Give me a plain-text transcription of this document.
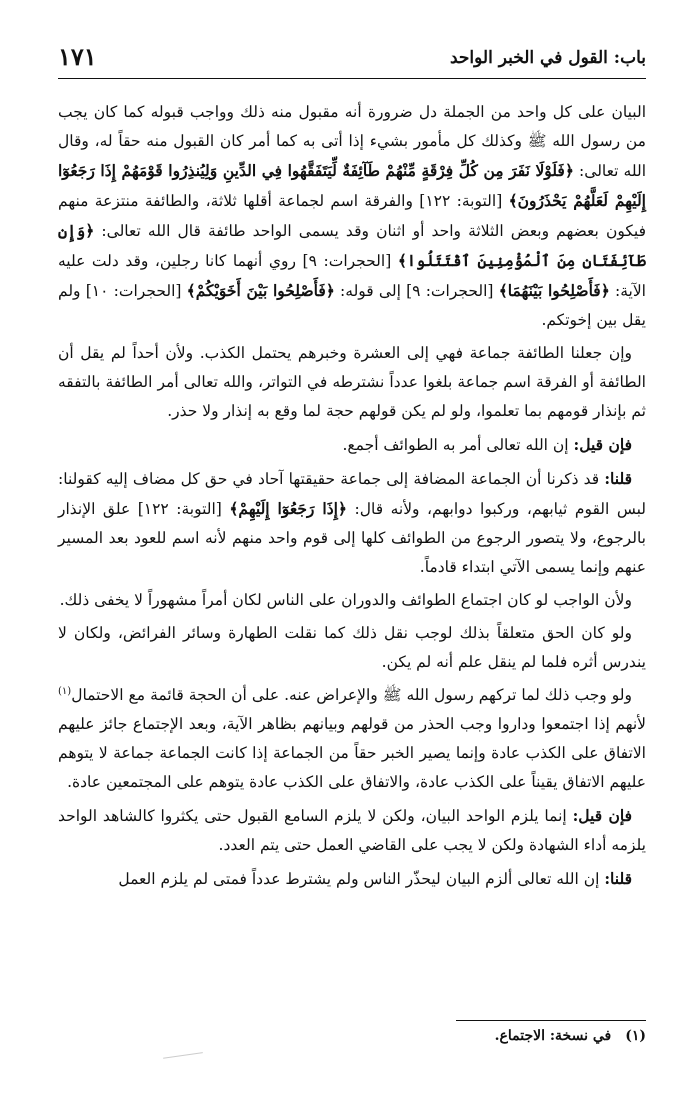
باب: القول في الخبر الواحد
١٧١

البيان على كل واحد من الجملة دل ضرورة أنه مقبول منه ذلك وواجب قبوله كما كان يجب من رسول الله ﷺ وكذلك كل مأمور بشيء إذا أتى به كما أمر كان القبول منه حقاً له، وقال الله تعالى: ﴿فَلَوْلَا نَفَرَ مِن كُلِّ فِرْقَةٍ مِّنْهُمْ طَآئِفَةٌ لِّيَتَفَقَّهُوا فِي الدِّينِ وَلِيُنذِرُوا قَوْمَهُمْ إِذَا رَجَعُوٓا إِلَيْهِمْ لَعَلَّهُمْ يَحْذَرُونَ﴾ [التوبة: ١٢٢] والفرقة اسم لجماعة أقلها ثلاثة، والطائفة منتزعة منهم فيكون بعضهم وبعض الثلاثة واحد أو اثنان وقد يسمى الواحد طائفة قال الله تعالى: ﴿وَإِن طَآئِفَتَانِ مِنَ ٱلْمُؤْمِنِينَ ٱقْتَتَلُوا﴾ [الحجرات: ٩] روي أنهما كانا رجلين، وقد دلت عليه الآية: ﴿فَأَصْلِحُوا بَيْنَهُمَا﴾ [الحجرات: ٩] إلى قوله: ﴿فَأَصْلِحُوا بَيْنَ أَخَوَيْكُمْ﴾ [الحجرات: ١٠] ولم يقل بين إخوتكم.

وإن جعلنا الطائفة جماعة فهي إلى العشرة وخبرهم يحتمل الكذب. ولأن أحداً لم يقل أن الطائفة أو الفرقة اسم جماعة بلغوا عدداً نشترطه في التواتر، والله تعالى أمر الطائفة بالتفقه ثم بإنذار قومهم بما تعلموا، ولو لم يكن قولهم حجة لما وقع به إنذار ولا حذر.

فإن قيل: إن الله تعالى أمر به الطوائف أجمع.

قلنا: قد ذكرنا أن الجماعة المضافة إلى جماعة حقيقتها آحاد في حق كل مضاف إليه كقولنا: لبس القوم ثيابهم، وركبوا دوابهم، ولأنه قال: ﴿إِذَا رَجَعُوٓا إِلَيْهِمْ﴾ [التوبة: ١٢٢] علق الإنذار بالرجوع، ولا يتصور الرجوع من الطوائف كلها إلى قوم واحد منهم لأنه اسم للعود بعد المسير عنهم وإنما يسمى الآتي ابتداء قادماً.

ولأن الواجب لو كان اجتماع الطوائف والدوران على الناس لكان أمراً مشهوراً لا يخفى ذلك.

ولو كان الحق متعلقاً بذلك لوجب نقل ذلك كما نقلت الطهارة وسائر الفرائض، ولكان لا يندرس أثره فلما لم ينقل علم أنه لم يكن.

ولو وجب ذلك لما تركهم رسول الله ﷺ والإعراض عنه. على أن الحجة قائمة مع الاحتمال$^{(١)}$ لأنهم إذا اجتمعوا وداروا وجب الحذر من قولهم وبيانهم بظاهر الآية، وبعد الإجتماع جائز عليهم الاتفاق على الكذب عادة وإنما يصير الخبر حقاً من الجماعة إذا كانت الجماعة جماعة لا يتوهم عليهم الاتفاق يقيناً على الكذب عادة، والاتفاق على الكذب عادة يتوهم على المجتمعين عادة.

فإن قيل: إنما يلزم الواحد البيان، ولكن لا يلزم السامع القبول حتى يكثروا كالشاهد الواحد يلزمه أداء الشهادة ولكن لا يجب على القاضي العمل حتى يتم العدد.

قلنا: إن الله تعالى ألزم البيان ليحذّر الناس ولم يشترط عدداً فمتى لم يلزم العمل

(١)في نسخة: الاجتماع.
